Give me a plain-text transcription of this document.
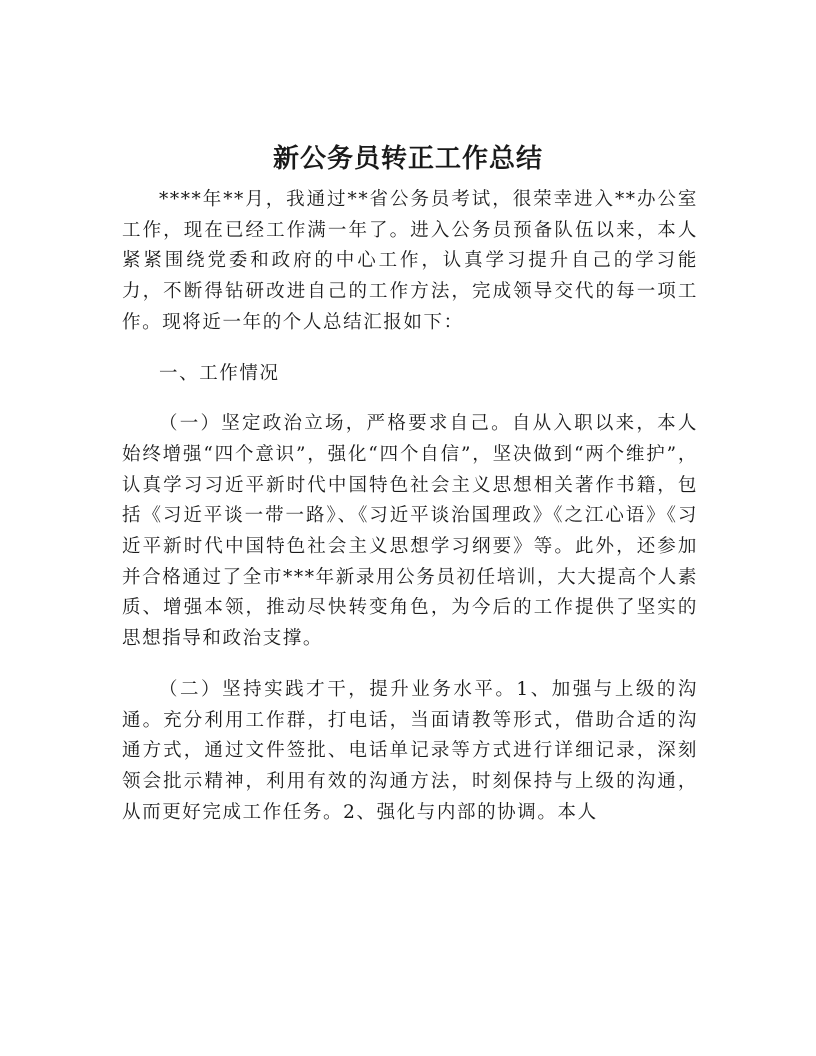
新公务员转正工作总结

****年**月，我通过**省公务员考试，很荣幸进入**办公室工作，现在已经工作满一年了。进入公务员预备队伍以来，本人紧紧围绕党委和政府的中心工作，认真学习提升自己的学习能力，不断得钻研改进自己的工作方法，完成领导交代的每一项工作。现将近一年的个人总结汇报如下：

一、工作情况

（一）坚定政治立场，严格要求自己。自从入职以来，本人始终增强“四个意识”，强化“四个自信”，坚决做到“两个维护”，认真学习习近平新时代中国特色社会主义思想相关著作书籍，包括《习近平谈一带一路》、《习近平谈治国理政》《之江心语》《习近平新时代中国特色社会主义思想学习纲要》等。此外，还参加并合格通过了全市***年新录用公务员初任培训，大大提高个人素质、增强本领，推动尽快转变角色，为今后的工作提供了坚实的思想指导和政治支撑。

（二）坚持实践才干，提升业务水平。1、加强与上级的沟通。充分利用工作群，打电话，当面请教等形式，借助合适的沟通方式，通过文件签批、电话单记录等方式进行详细记录，深刻领会批示精神，利用有效的沟通方法，时刻保持与上级的沟通，从而更好完成工作任务。2、强化与内部的协调。本人
